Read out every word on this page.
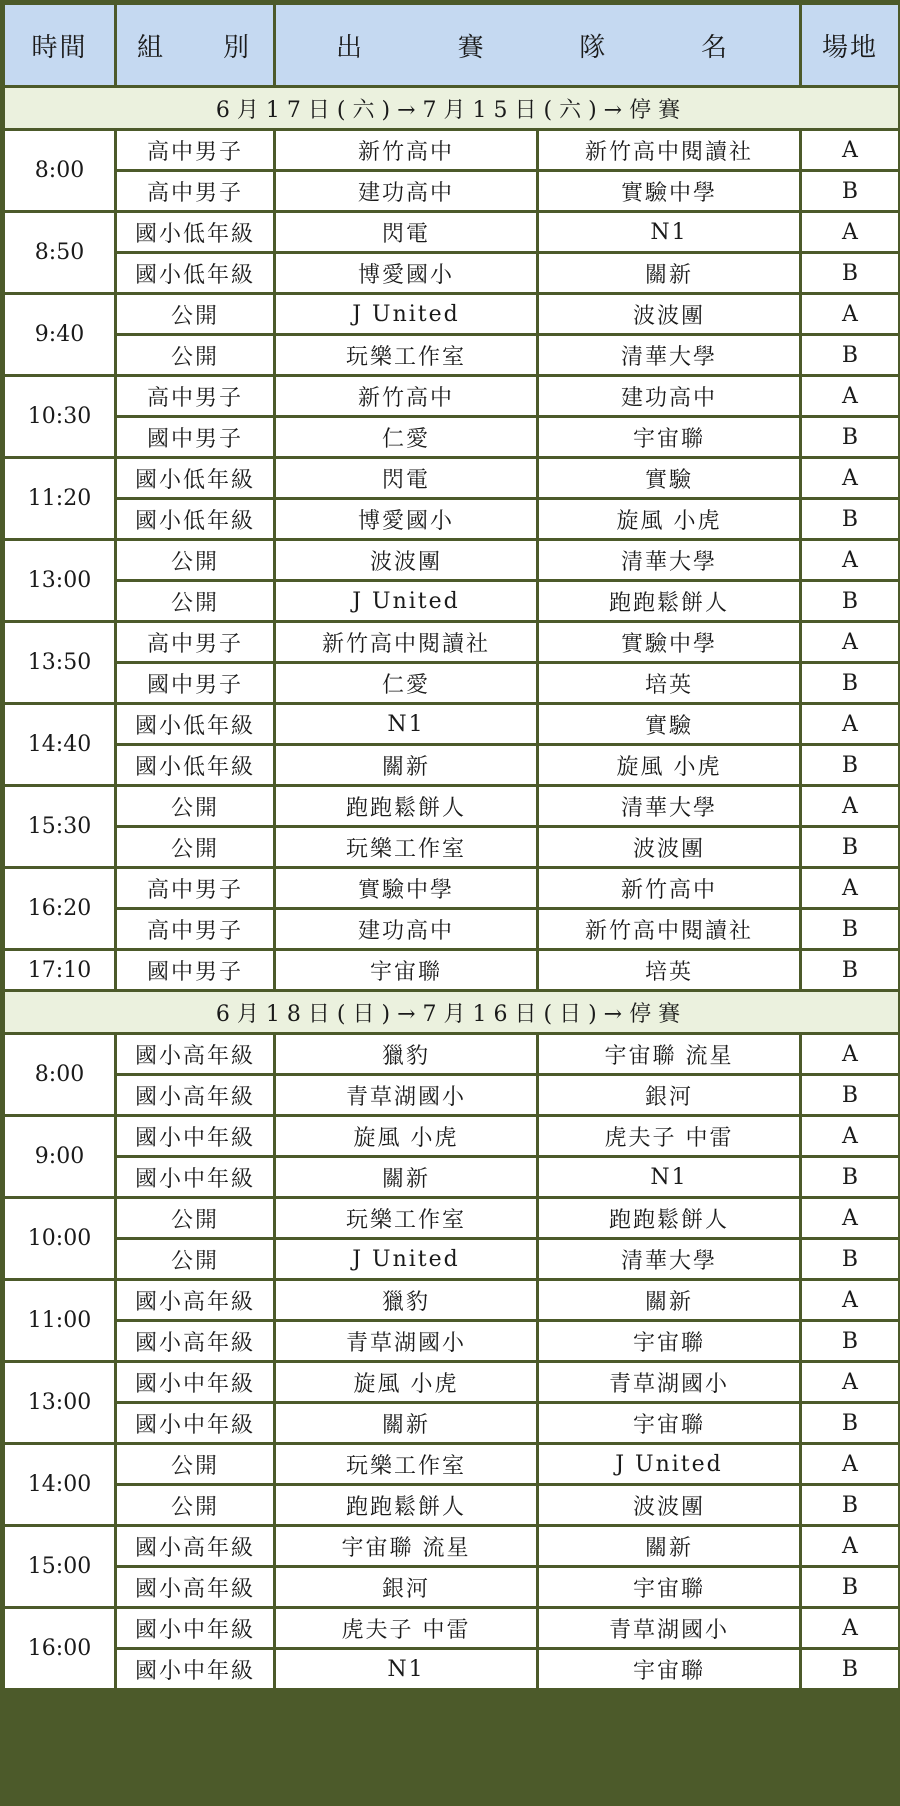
時間	組 別	出 賽 隊 名		場地
6月17日(六)→7月15日(六)→停賽				
8:00	高中男子	新竹高中	新竹高中閱讀社	A
	高中男子	建功高中	實驗中學	B
8:50	國小低年級	閃電	N1	A
	國小低年級	博愛國小	關新	B
9:40	公開	J United	波波團	A
	公開	玩樂工作室	清華大學	B
10:30	高中男子	新竹高中	建功高中	A
	國中男子	仁愛	宇宙聯	B
11:20	國小低年級	閃電	實驗	A
	國小低年級	博愛國小	旋風 小虎	B
13:00	公開	波波團	清華大學	A
	公開	J United	跑跑鬆餅人	B
13:50	高中男子	新竹高中閱讀社	實驗中學	A
	國中男子	仁愛	培英	B
14:40	國小低年級	N1	實驗	A
	國小低年級	關新	旋風 小虎	B
15:30	公開	跑跑鬆餅人	清華大學	A
	公開	玩樂工作室	波波團	B
16:20	高中男子	實驗中學	新竹高中	A
	高中男子	建功高中	新竹高中閱讀社	B
17:10	國中男子	宇宙聯	培英	B
6月18日(日)→7月16日(日)→停賽				
8:00	國小高年級	獵豹	宇宙聯 流星	A
	國小高年級	青草湖國小	銀河	B
9:00	國小中年級	旋風 小虎	虎夫子 中雷	A
	國小中年級	關新	N1	B
10:00	公開	玩樂工作室	跑跑鬆餅人	A
	公開	J United	清華大學	B
11:00	國小高年級	獵豹	關新	A
	國小高年級	青草湖國小	宇宙聯	B
13:00	國小中年級	旋風 小虎	青草湖國小	A
	國小中年級	關新	宇宙聯	B
14:00	公開	玩樂工作室	J United	A
	公開	跑跑鬆餅人	波波團	B
15:00	國小高年級	宇宙聯 流星	關新	A
	國小高年級	銀河	宇宙聯	B
16:00	國小中年級	虎夫子 中雷	青草湖國小	A
	國小中年級	N1	宇宙聯	B
